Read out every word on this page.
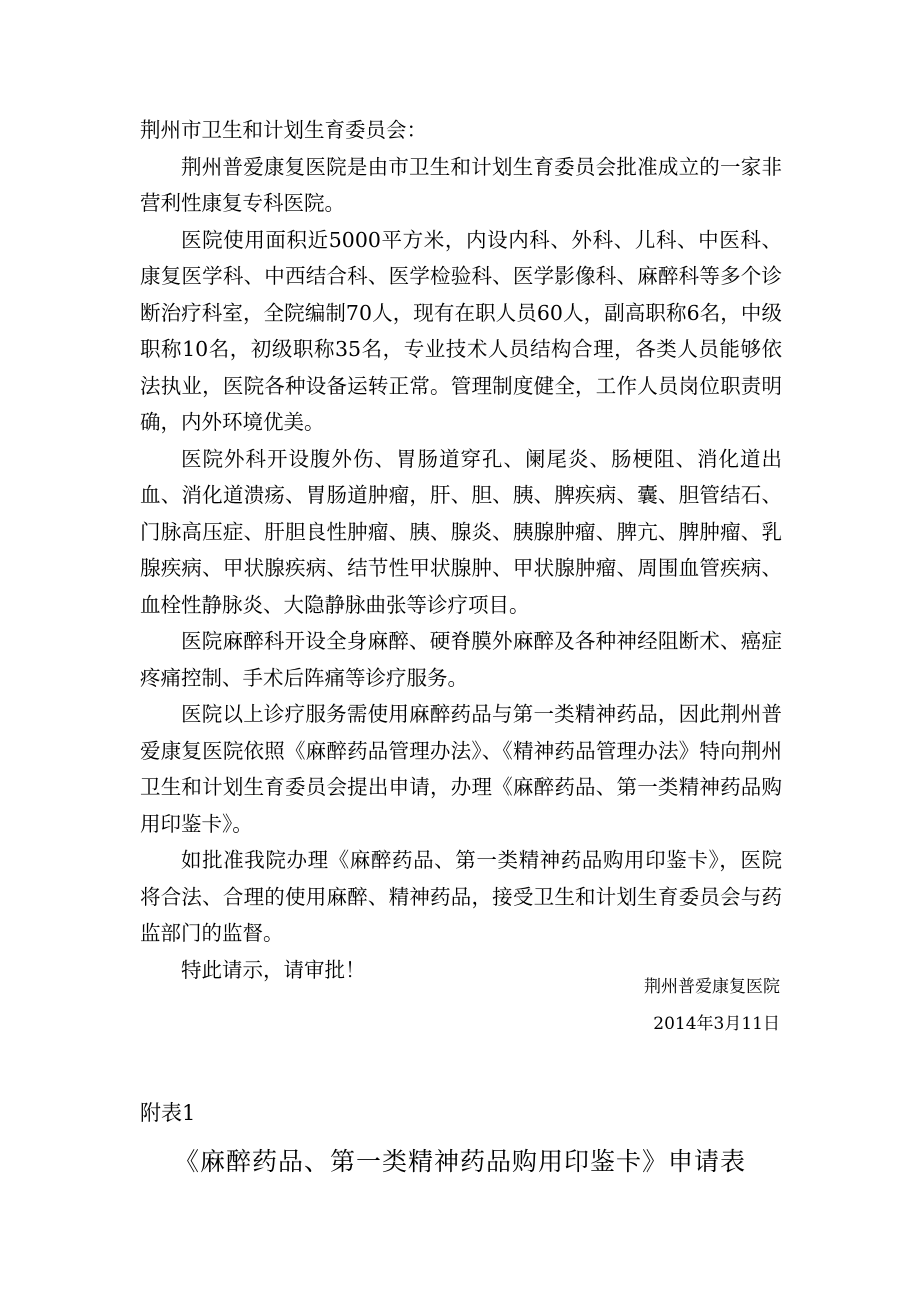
荆州市卫生和计划生育委员会：

荆州普爱康复医院是由市卫生和计划生育委员会批准成立的一家非营利性康复专科医院。

医院使用面积近5000平方米，内设内科、外科、儿科、中医科、康复医学科、中西结合科、医学检验科、医学影像科、麻醉科等多个诊断治疗科室，全院编制70人，现有在职人员60人，副高职称6名，中级职称10名，初级职称35名，专业技术人员结构合理，各类人员能够依法执业，医院各种设备运转正常。管理制度健全，工作人员岗位职责明确，内外环境优美。

医院外科开设腹外伤、胃肠道穿孔、阑尾炎、肠梗阻、消化道出血、消化道溃疡、胃肠道肿瘤，肝、胆、胰、脾疾病、囊、胆管结石、门脉高压症、肝胆良性肿瘤、胰、腺炎、胰腺肿瘤、脾亢、脾肿瘤、乳腺疾病、甲状腺疾病、结节性甲状腺肿、甲状腺肿瘤、周围血管疾病、血栓性静脉炎、大隐静脉曲张等诊疗项目。

医院麻醉科开设全身麻醉、硬脊膜外麻醉及各种神经阻断术、癌症疼痛控制、手术后阵痛等诊疗服务。

医院以上诊疗服务需使用麻醉药品与第一类精神药品，因此荆州普爱康复医院依照《麻醉药品管理办法》、《精神药品管理办法》特向荆州卫生和计划生育委员会提出申请，办理《麻醉药品、第一类精神药品购用印鉴卡》。

如批准我院办理《麻醉药品、第一类精神药品购用印鉴卡》，医院将合法、合理的使用麻醉、精神药品，接受卫生和计划生育委员会与药监部门的监督。

特此请示，请审批！

荆州普爱康复医院
2014年3月11日
附表1
《麻醉药品、第一类精神药品购用印鉴卡》申请表
